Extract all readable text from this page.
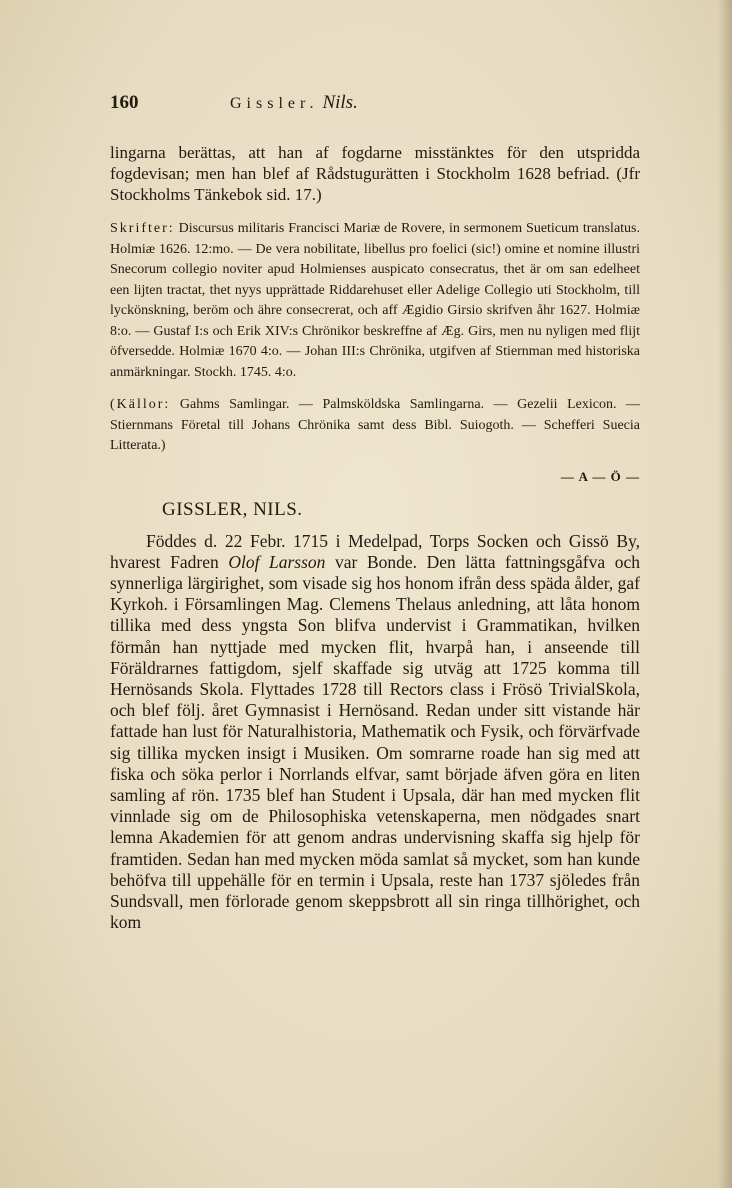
160	Gissler. Nils.

lingarna berättas, att han af fogdarne misstänktes för den utspridda fogdevisan; men han blef af Rådstugurätten i Stockholm 1628 befriad. (Jfr Stockholms Tänkebok sid. 17.)

Skrifter: Discursus militaris Francisci Mariæ de Rovere, in sermonem Sueticum translatus. Holmiæ 1626. 12:mo. — De vera nobilitate, libellus pro foelici (sic!) omine et nomine illustri Snecorum collegio noviter apud Holmienses auspicato consecratus, thet är om san edelheet een lijten tractat, thet nyys upprättade Riddarehuset eller Adelige Collegio uti Stockholm, till lyckönskning, beröm och ähre consecrerat, och aff Ægidio Girsio skrifven åhr 1627. Holmiæ 8:o. — Gustaf I:s och Erik XIV:s Chrönikor beskreffne af Æg. Girs, men nu nyligen med flijt öfversedde. Holmiæ 1670 4:o. — Johan III:s Chrönika, utgifven af Stiernman med historiska anmärkningar. Stockh. 1745. 4:o.

(Källor: Gahms Samlingar. — Palmsköldska Samlingarna. — Gezelii Lexicon. — Stiernmans Företal till Johans Chrönika samt dess Bibl. Suiogoth. — Schefferi Suecia Litterata.)

— A — Ö —
GISSLER, NILS.

Föddes d. 22 Febr. 1715 i Medelpad, Torps Socken och Gissö By, hvarest Fadren Olof Larsson var Bonde. Den lätta fattningsgåfva och synnerliga lärgirighet, som visade sig hos honom ifrån dess späda ålder, gaf Kyrkoh. i Församlingen Mag. Clemens Thelaus anledning, att låta honom tillika med dess yngsta Son blifva undervist i Grammatikan, hvilken förmån han nyttjade med mycken flit, hvarpå han, i anseende till Föräldrarnes fattigdom, sjelf skaffade sig utväg att 1725 komma till Hernösands Skola. Flyttades 1728 till Rectors class i Frösö TrivialSkola, och blef följ. året Gymnasist i Hernösand. Redan under sitt vistande här fattade han lust för Naturalhistoria, Mathematik och Fysik, och förvärfvade sig tillika mycken insigt i Musiken. Om somrarne roade han sig med att fiska och söka perlor i Norrlands elfvar, samt började äfven göra en liten samling af rön. 1735 blef han Student i Upsala, där han med mycken flit vinnlade sig om de Philosophiska vetenskaperna, men nödgades snart lemna Akademien för att genom andras undervisning skaffa sig hjelp för framtiden. Sedan han med mycken möda samlat så mycket, som han kunde behöfva till uppehälle för en termin i Upsala, reste han 1737 sjöledes från Sundsvall, men förlorade genom skeppsbrott all sin ringa tillhörighet, och kom
